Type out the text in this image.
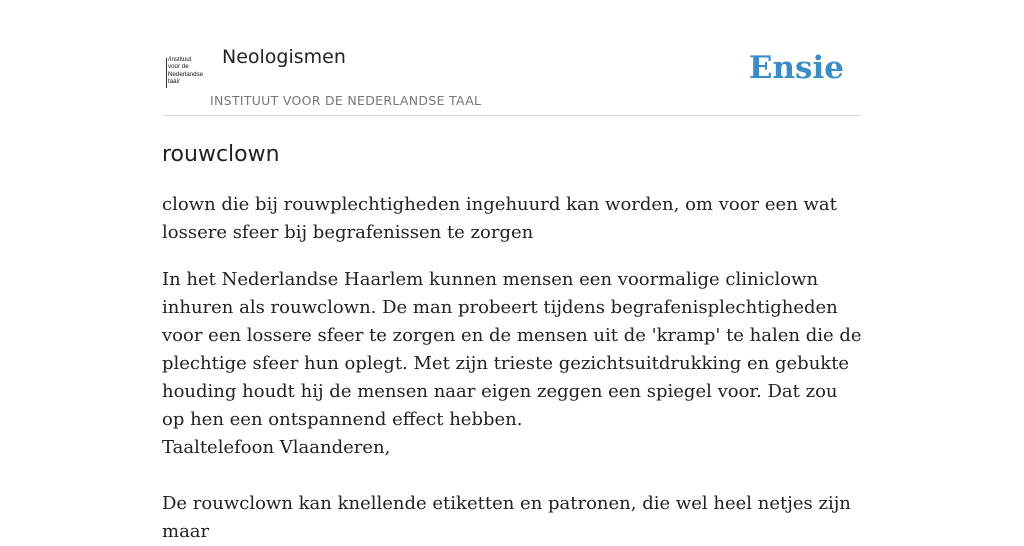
/Instituut
voor de
Nederlandse
taal/
Neologismen
INSTITUUT VOOR DE NEDERLANDSE TAAL
Ensie
rouwclown

clown die bij rouwplechtigheden ingehuurd kan worden, om voor een wat lossere sfeer bij begrafenissen te zorgen

In het Nederlandse Haarlem kunnen mensen een voormalige cliniclown inhuren als rouwclown. De man probeert tijdens begrafenisplechtigheden voor een lossere sfeer te zorgen en de mensen uit de 'kramp' te halen die de plechtige sfeer hun oplegt. Met zijn trieste gezichtsuitdrukking en gebukte houding houdt hij de mensen naar eigen zeggen een spiegel voor. Dat zou op hen een ontspannend effect hebben.
Taaltelefoon Vlaanderen,
De rouwclown kan knellende etiketten en patronen, die wel heel netjes zijn maar
